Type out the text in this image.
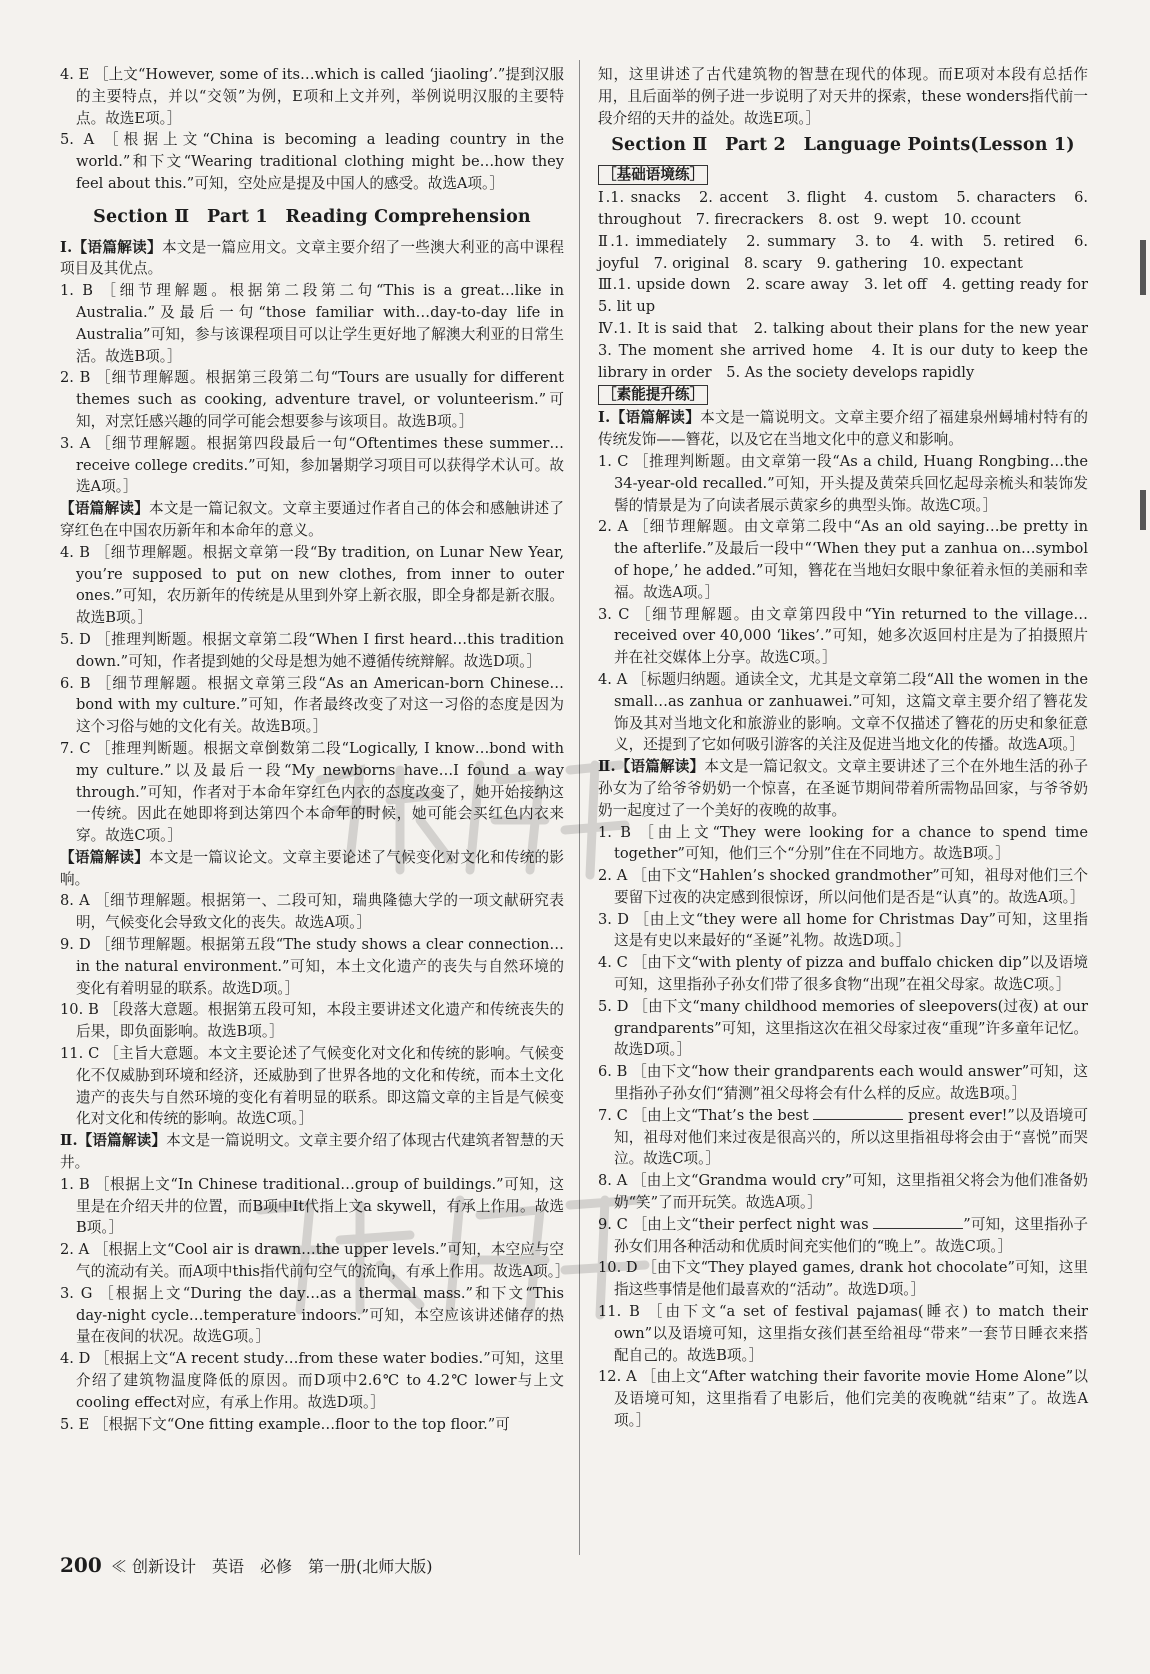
4. E ［上文“However, some of its…which is called ‘jiaoling’.”提到汉服的主要特点，并以“交领”为例，E项和上文并列，举例说明汉服的主要特点。故选E项。］

5. A ［根据上文“China is becoming a leading country in the world.”和下文“Wearing traditional clothing might be…how they feel about this.”可知，空处应是提及中国人的感受。故选A项。］

Section Ⅱ　Part 1　Reading Comprehension

Ⅰ.【语篇解读】本文是一篇应用文。文章主要介绍了一些澳大利亚的高中课程项目及其优点。

1. B ［细节理解题。根据第二段第二句“This is a great…like in Australia.”及最后一句“those familiar with…day-to-day life in Australia”可知，参与该课程项目可以让学生更好地了解澳大利亚的日常生活。故选B项。］

2. B ［细节理解题。根据第三段第二句“Tours are usually for different themes such as cooking, adventure travel, or volunteerism.”可知，对烹饪感兴趣的同学可能会想要参与该项目。故选B项。］

3. A ［细节理解题。根据第四段最后一句“Oftentimes these summer…receive college credits.”可知，参加暑期学习项目可以获得学术认可。故选A项。］

【语篇解读】本文是一篇记叙文。文章主要通过作者自己的体会和感触讲述了穿红色在中国农历新年和本命年的意义。

4. B ［细节理解题。根据文章第一段“By tradition, on Lunar New Year, you’re supposed to put on new clothes, from inner to outer ones.”可知，农历新年的传统是从里到外穿上新衣服，即全身都是新衣服。故选B项。］

5. D ［推理判断题。根据文章第二段“When I first heard…this tradition down.”可知，作者提到她的父母是想为她不遵循传统辩解。故选D项。］

6. B ［细节理解题。根据文章第三段“As an American-born Chinese…bond with my culture.”可知，作者最终改变了对这一习俗的态度是因为这个习俗与她的文化有关。故选B项。］

7. C ［推理判断题。根据文章倒数第二段“Logically, I know…bond with my culture.”以及最后一段“My newborns have…I found a way through.”可知，作者对于本命年穿红色内衣的态度改变了，她开始接纳这一传统。因此在她即将到达第四个本命年的时候，她可能会买红色内衣来穿。故选C项。］

【语篇解读】本文是一篇议论文。文章主要论述了气候变化对文化和传统的影响。

8. A ［细节理解题。根据第一、二段可知，瑞典隆德大学的一项文献研究表明，气候变化会导致文化的丧失。故选A项。］

9. D ［细节理解题。根据第五段“The study shows a clear connection…in the natural environment.”可知，本土文化遗产的丧失与自然环境的变化有着明显的联系。故选D项。］

10. B ［段落大意题。根据第五段可知，本段主要讲述文化遗产和传统丧失的后果，即负面影响。故选B项。］

11. C ［主旨大意题。本文主要论述了气候变化对文化和传统的影响。气候变化不仅威胁到环境和经济，还威胁到了世界各地的文化和传统，而本土文化遗产的丧失与自然环境的变化有着明显的联系。即这篇文章的主旨是气候变化对文化和传统的影响。故选C项。］

Ⅱ.【语篇解读】本文是一篇说明文。文章主要介绍了体现古代建筑者智慧的天井。

1. B ［根据上文“In Chinese traditional…group of buildings.”可知，这里是在介绍天井的位置，而B项中It代指上文a skywell，有承上作用。故选B项。］

2. A ［根据上文“Cool air is drawn…the upper levels.”可知，本空应与空气的流动有关。而A项中this指代前句空气的流向，有承上作用。故选A项。］

3. G ［根据上文“During the day…as a thermal mass.”和下文“This day-night cycle…temperature indoors.”可知，本空应该讲述储存的热量在夜间的状况。故选G项。］

4. D ［根据上文“A recent study…from these water bodies.”可知，这里介绍了建筑物温度降低的原因。而D项中2.6℃ to 4.2℃ lower与上文cooling effect对应，有承上作用。故选D项。］

5. E ［根据下文“One fitting example…floor to the top floor.”可

知，这里讲述了古代建筑物的智慧在现代的体现。而E项对本段有总括作用，且后面举的例子进一步说明了对天井的探索，these wonders指代前一段介绍的天井的益处。故选E项。］

Section Ⅱ　Part 2　Language Points(Lesson 1)
［基础语境练］

Ⅰ.1. snacks　2. accent　3. flight　4. custom　5. characters　6. throughout　7. firecrackers　8. ost　9. wept　10. ccount

Ⅱ.1. immediately　2. summary　3. to　4. with　5. retired　6. joyful　7. original　8. scary　9. gathering　10. expectant

Ⅲ.1. upside down　2. scare away　3. let off　4. getting ready for　5. lit up

Ⅳ.1. It is said that　2. talking about their plans for the new year　3. The moment she arrived home　4. It is our duty to keep the library in order　5. As the society develops rapidly

［素能提升练］

Ⅰ.【语篇解读】本文是一篇说明文。文章主要介绍了福建泉州蟳埔村特有的传统发饰——簪花，以及它在当地文化中的意义和影响。

1. C ［推理判断题。由文章第一段“As a child, Huang Rongbing…the 34-year-old recalled.”可知，开头提及黄荣兵回忆起母亲梳头和装饰发髻的情景是为了向读者展示黄家乡的典型头饰。故选C项。］

2. A ［细节理解题。由文章第二段中“As an old saying…be pretty in the afterlife.”及最后一段中“‘When they put a zanhua on…symbol of hope,’ he added.”可知，簪花在当地妇女眼中象征着永恒的美丽和幸福。故选A项。］

3. C ［细节理解题。由文章第四段中“Yin returned to the village…received over 40,000 ‘likes’.”可知，她多次返回村庄是为了拍摄照片并在社交媒体上分享。故选C项。］

4. A ［标题归纳题。通读全文，尤其是文章第二段“All the women in the small…as zanhua or zanhuawei.”可知，这篇文章主要介绍了簪花发饰及其对当地文化和旅游业的影响。文章不仅描述了簪花的历史和象征意义，还提到了它如何吸引游客的关注及促进当地文化的传播。故选A项。］

Ⅱ.【语篇解读】本文是一篇记叙文。文章主要讲述了三个在外地生活的孙子孙女为了给爷爷奶奶一个惊喜，在圣诞节期间带着所需物品回家，与爷爷奶奶一起度过了一个美好的夜晚的故事。

1. B ［由上文“They were looking for a chance to spend time together”可知，他们三个“分别”住在不同地方。故选B项。］

2. A ［由下文“Hahlen’s shocked grandmother”可知，祖母对他们三个要留下过夜的决定感到很惊讶，所以问他们是否是“认真”的。故选A项。］

3. D ［由上文“they were all home for Christmas Day”可知，这里指这是有史以来最好的“圣诞”礼物。故选D项。］

4. C ［由下文“with plenty of pizza and buffalo chicken dip”以及语境可知，这里指孙子孙女们带了很多食物“出现”在祖父母家。故选C项。］

5. D ［由下文“many childhood memories of sleepovers(过夜) at our grandparents”可知，这里指这次在祖父母家过夜“重现”许多童年记忆。故选D项。］

6. B ［由下文“how their grandparents each would answer”可知，这里指孙子孙女们“猜测”祖父母将会有什么样的反应。故选B项。］

7. C ［由上文“That’s the best	present ever!”以及语境可知，祖母对他们来过夜是很高兴的，所以这里指祖母将会由于“喜悦”而哭泣。故选C项。］

8. A ［由上文“Grandma would cry”可知，这里指祖父将会为他们准备奶奶“笑”了而开玩笑。故选A项。］

9. C ［由上文“their perfect night was	”可知，这里指孙子孙女们用各种活动和优质时间充实他们的“晚上”。故选C项。］

10. D ［由下文“They played games, drank hot chocolate”可知，这里指这些事情是他们最喜欢的“活动”。故选D项。］

11. B ［由下文“a set of festival pajamas(睡衣) to match their own”以及语境可知，这里指女孩们甚至给祖母“带来”一套节日睡衣来搭配自己的。故选B项。］

12. A ［由上文“After watching their favorite movie Home Alone”以及语境可知，这里指看了电影后，他们完美的夜晚就“结束”了。故选A项。］

200 ≪ 创新设计　英语　必修　第一册(北师大版)
